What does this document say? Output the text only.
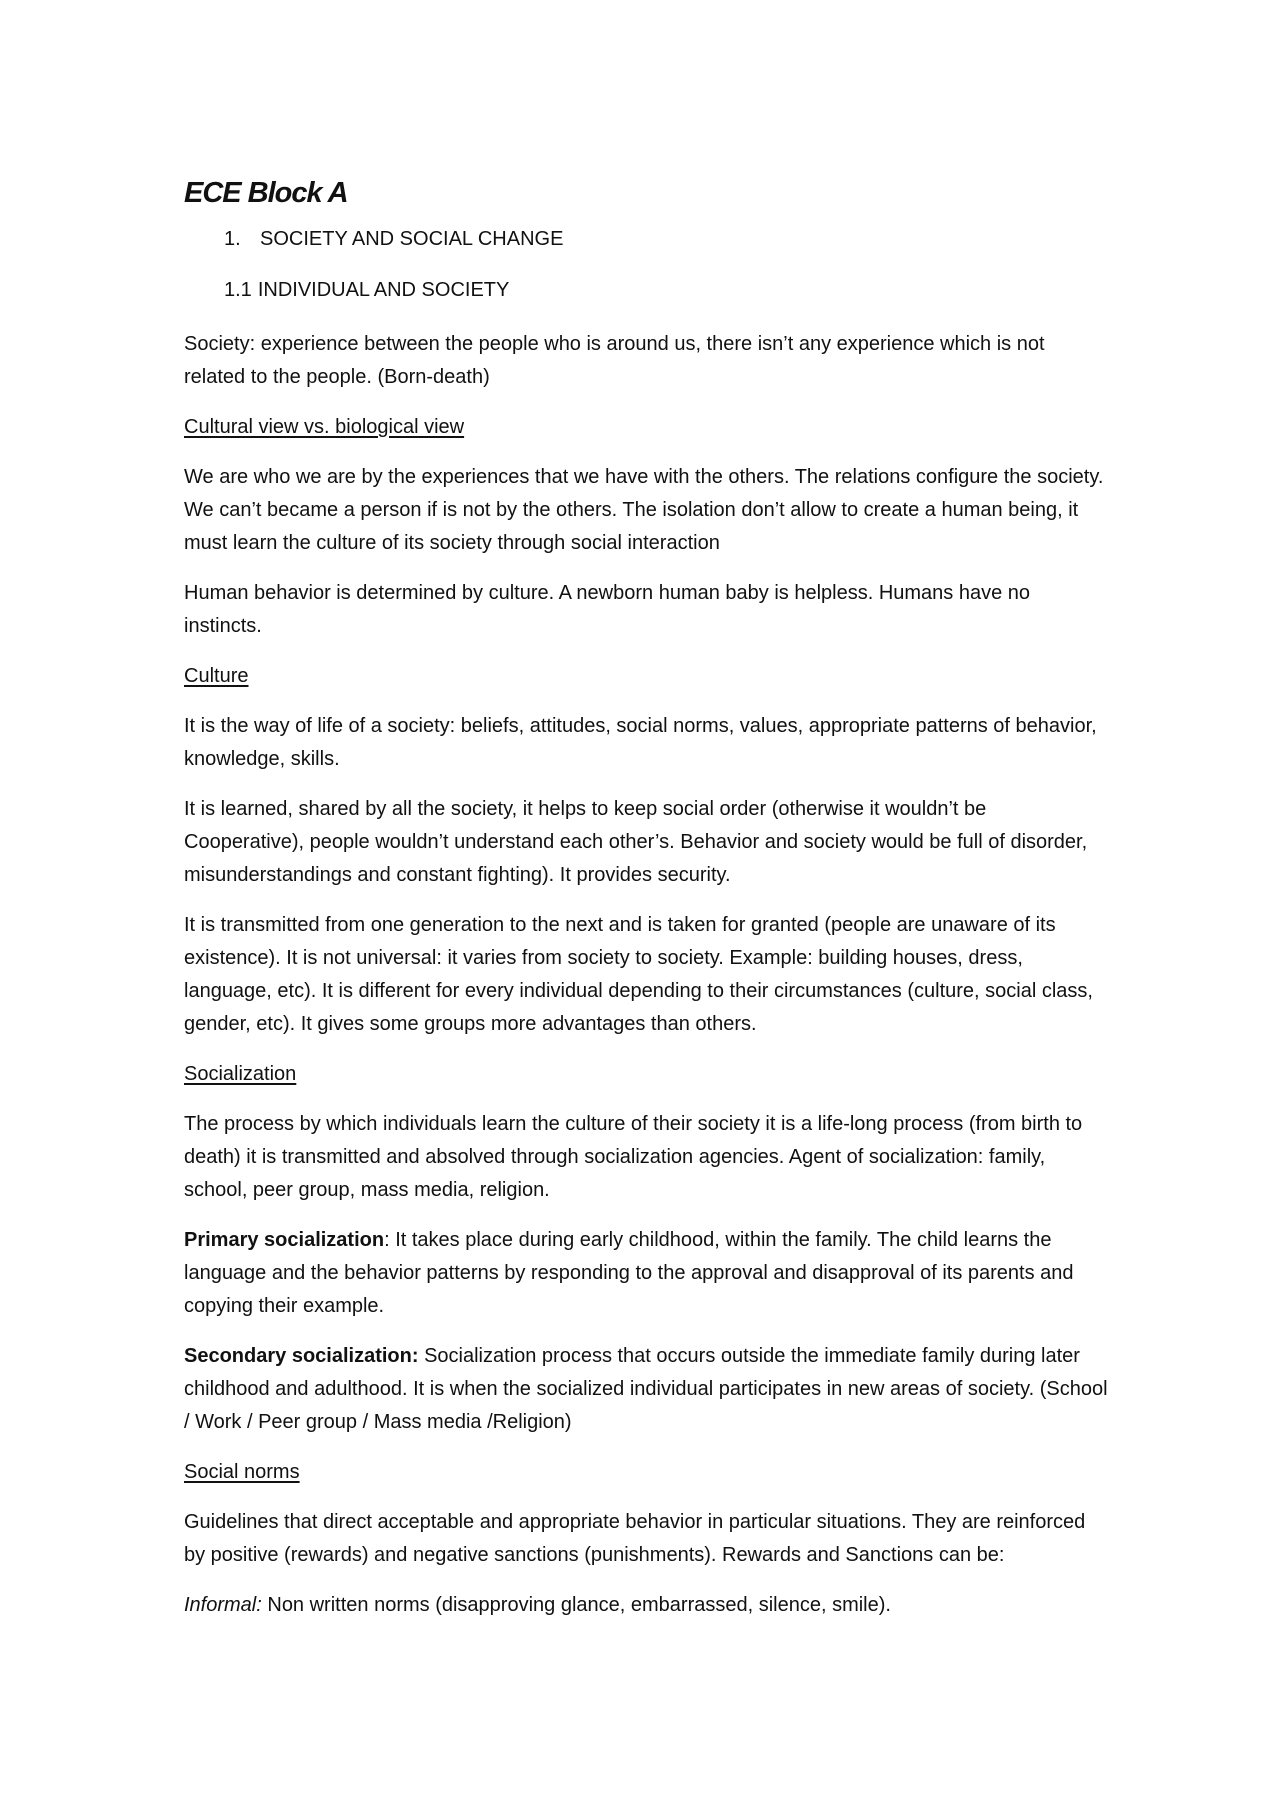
ECE Block A
1. SOCIETY AND SOCIAL CHANGE
1.1 INDIVIDUAL AND SOCIETY

Society: experience between the people who is around us, there isn’t any experience which is not related to the people. (Born-death)

Cultural view vs. biological view

We are who we are by the experiences that we have with the others. The relations configure the society. We can’t became a person if is not by the others. The isolation don’t allow to create a human being, it must learn the culture of its society through social interaction

Human behavior is determined by culture. A newborn human baby is helpless. Humans have no instincts.

Culture

It is the way of life of a society: beliefs, attitudes, social norms, values, appropriate patterns of behavior, knowledge, skills.

It is learned, shared by all the society, it helps to keep social order (otherwise it wouldn’t be Cooperative), people wouldn’t understand each other’s. Behavior and society would be full of disorder, misunderstandings and constant fighting). It provides security.

It is transmitted from one generation to the next and is taken for granted (people are unaware of its existence). It is not universal: it varies from society to society. Example: building houses, dress, language, etc). It is different for every individual depending to their circumstances (culture, social class, gender, etc). It gives some groups more advantages than others.

Socialization

The process by which individuals learn the culture of their society it is a life-long process (from birth to death) it is transmitted and absolved through socialization agencies. Agent of socialization: family, school, peer group, mass media, religion.

Primary socialization: It takes place during early childhood, within the family. The child learns the language and the behavior patterns by responding to the approval and disapproval of its parents and copying their example.

Secondary socialization: Socialization process that occurs outside the immediate family during later childhood and adulthood. It is when the socialized individual participates in new areas of society. (School / Work / Peer group / Mass media /Religion)

Social norms

Guidelines that direct acceptable and appropriate behavior in particular situations. They are reinforced by positive (rewards) and negative sanctions (punishments). Rewards and Sanctions can be:

Informal: Non written norms (disapproving glance, embarrassed, silence, smile).
